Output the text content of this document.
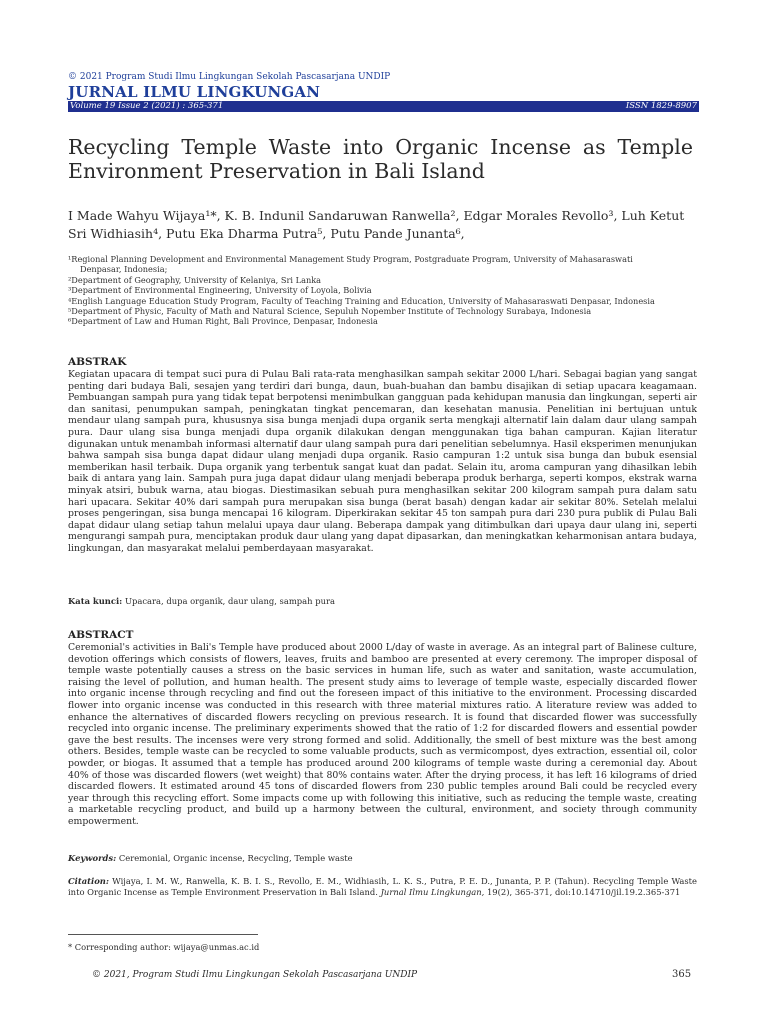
© 2021 Program Studi Ilmu Lingkungan Sekolah Pascasarjana UNDIP
JURNAL ILMU LINGKUNGAN
Volume 19 Issue 2 (2021) : 365-371	ISSN 1829-8907
Recycling Temple Waste into Organic Incense as Temple Environment Preservation in Bali Island
I Made Wahyu Wijaya¹*, K. B. Indunil Sandaruwan Ranwella², Edgar Morales Revollo³, Luh Ketut Sri Widhiasih⁴, Putu Eka Dharma Putra⁵, Putu Pande Junanta⁶,
¹Regional Planning Development and Environmental Management Study Program, Postgraduate Program, University of Mahasaraswati
Denpasar, Indonesia;
²Department of Geography, University of Kelaniya, Sri Lanka
³Department of Environmental Engineering, University of Loyola, Bolivia
⁴English Language Education Study Program, Faculty of Teaching Training and Education, University of Mahasaraswati Denpasar, Indonesia
⁵Department of Physic, Faculty of Math and Natural Science, Sepuluh Nopember Institute of Technology Surabaya, Indonesia
⁶Department of Law and Human Right, Bali Province, Denpasar, Indonesia
ABSTRAK
Kegiatan upacara di tempat suci pura di Pulau Bali rata-rata menghasilkan sampah sekitar 2000 L/hari. Sebagai bagian yang sangat penting dari budaya Bali, sesajen yang terdiri dari bunga, daun, buah-buahan dan bambu disajikan di setiap upacara keagamaan. Pembuangan sampah pura yang tidak tepat berpotensi menimbulkan gangguan pada kehidupan manusia dan lingkungan, seperti air dan sanitasi, penumpukan sampah, peningkatan tingkat pencemaran, dan kesehatan manusia. Penelitian ini bertujuan untuk mendaur ulang sampah pura, khususnya sisa bunga menjadi dupa organik serta mengkaji alternatif lain dalam daur ulang sampah pura. Daur ulang sisa bunga menjadi dupa organik dilakukan dengan menggunakan tiga bahan campuran. Kajian literatur digunakan untuk menambah informasi alternatif daur ulang sampah pura dari penelitian sebelumnya. Hasil eksperimen menunjukan bahwa sampah sisa bunga dapat didaur ulang menjadi dupa organik. Rasio campuran 1:2 untuk sisa bunga dan bubuk esensial memberikan hasil terbaik. Dupa organik yang terbentuk sangat kuat dan padat. Selain itu, aroma campuran yang dihasilkan lebih baik di antara yang lain. Sampah pura juga dapat didaur ulang menjadi beberapa produk berharga, seperti kompos, ekstrak warna minyak atsiri, bubuk warna, atau biogas. Diestimasikan sebuah pura menghasilkan sekitar 200 kilogram sampah pura dalam satu hari upacara. Sekitar 40% dari sampah pura merupakan sisa bunga (berat basah) dengan kadar air sekitar 80%. Setelah melalui proses pengeringan, sisa bunga mencapai 16 kilogram. Diperkirakan sekitar 45 ton sampah pura dari 230 pura publik di Pulau Bali dapat didaur ulang setiap tahun melalui upaya daur ulang. Beberapa dampak yang ditimbulkan dari upaya daur ulang ini, seperti mengurangi sampah pura, menciptakan produk daur ulang yang dapat dipasarkan, dan meningkatkan keharmonisan antara budaya, lingkungan, dan masyarakat melalui pemberdayaan masyarakat.
Kata kunci: Upacara, dupa organik, daur ulang, sampah pura
ABSTRACT
Ceremonial's activities in Bali's Temple have produced about 2000 L/day of waste in average. As an integral part of Balinese culture, devotion offerings which consists of flowers, leaves, fruits and bamboo are presented at every ceremony. The improper disposal of temple waste potentially causes a stress on the basic services in human life, such as water and sanitation, waste accumulation, raising the level of pollution, and human health. The present study aims to leverage of temple waste, especially discarded flower into organic incense through recycling and find out the foreseen impact of this initiative to the environment. Processing discarded flower into organic incense was conducted in this research with three material mixtures ratio. A literature review was added to enhance the alternatives of discarded flowers recycling on previous research. It is found that discarded flower was successfully recycled into organic incense. The preliminary experiments showed that the ratio of 1:2 for discarded flowers and essential powder gave the best results. The incenses were very strong formed and solid. Additionally, the smell of best mixture was the best among others. Besides, temple waste can be recycled to some valuable products, such as vermicompost, dyes extraction, essential oil, color powder, or biogas. It assumed that a temple has produced around 200 kilograms of temple waste during a ceremonial day. About 40% of those was discarded flowers (wet weight) that 80% contains water. After the drying process, it has left 16 kilograms of dried discarded flowers. It estimated around 45 tons of discarded flowers from 230 public temples around Bali could be recycled every year through this recycling effort. Some impacts come up with following this initiative, such as reducing the temple waste, creating a marketable recycling product, and build up a harmony between the cultural, environment, and society through community empowerment.
Keywords: Ceremonial, Organic incense, Recycling, Temple waste
Citation: Wijaya, I. M. W., Ranwella, K. B. I. S., Revollo, E. M., Widhiasih, L. K. S., Putra, P. E. D., Junanta, P. P. (Tahun). Recycling Temple Waste into Organic Incense as Temple Environment Preservation in Bali Island. Jurnal Ilmu Lingkungan, 19(2), 365-371, doi:10.14710/jil.19.2.365-371
* Corresponding author: wijaya@unmas.ac.id
© 2021, Program Studi Ilmu Lingkungan Sekolah Pascasarjana UNDIP	365
